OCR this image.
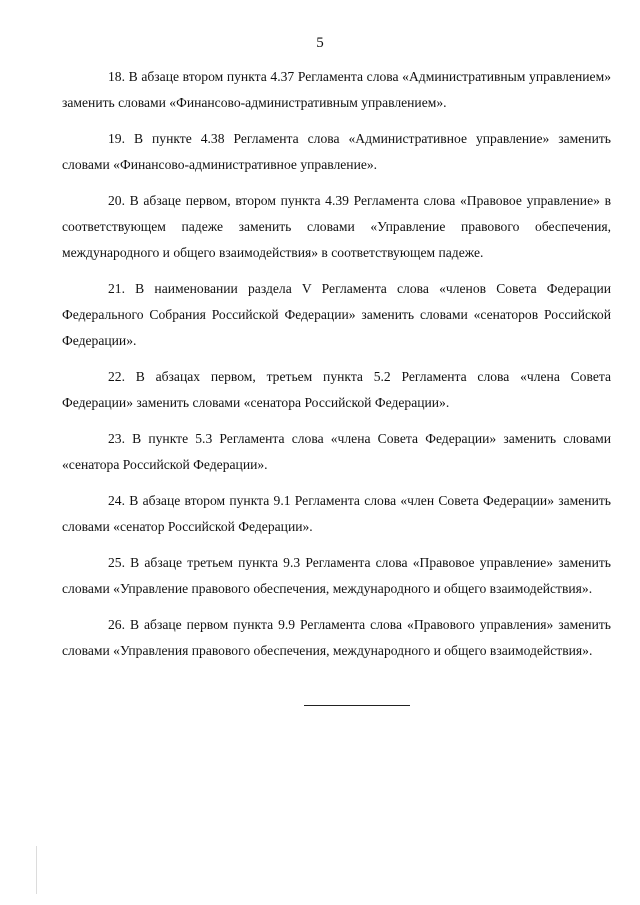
5

18. В абзаце втором пункта 4.37 Регламента слова «Административным управлением» заменить словами «Финансово-административным управлением».

19. В пункте 4.38 Регламента слова «Административное управление» заменить словами «Финансово-административное управление».

20. В абзаце первом, втором пункта 4.39 Регламента слова «Правовое управление» в соответствующем падеже заменить словами «Управление правового обеспечения, международного и общего взаимодействия» в соответствующем падеже.

21. В наименовании раздела V Регламента слова «членов Совета Федерации Федерального Собрания Российской Федерации» заменить словами «сенаторов Российской Федерации».

22. В абзацах первом, третьем пункта 5.2 Регламента слова «члена Совета Федерации» заменить словами «сенатора Российской Федерации».

23. В пункте 5.3 Регламента слова «члена Совета Федерации» заменить словами «сенатора Российской Федерации».

24. В абзаце втором пункта 9.1 Регламента слова «член Совета Федерации» заменить словами «сенатор Российской Федерации».

25. В абзаце третьем пункта 9.3 Регламента слова «Правовое управление» заменить словами «Управление правового обеспечения, международного и общего взаимодействия».

26. В абзаце первом пункта 9.9 Регламента слова «Правового управления» заменить словами «Управления правового обеспечения, международного и общего взаимодействия».
